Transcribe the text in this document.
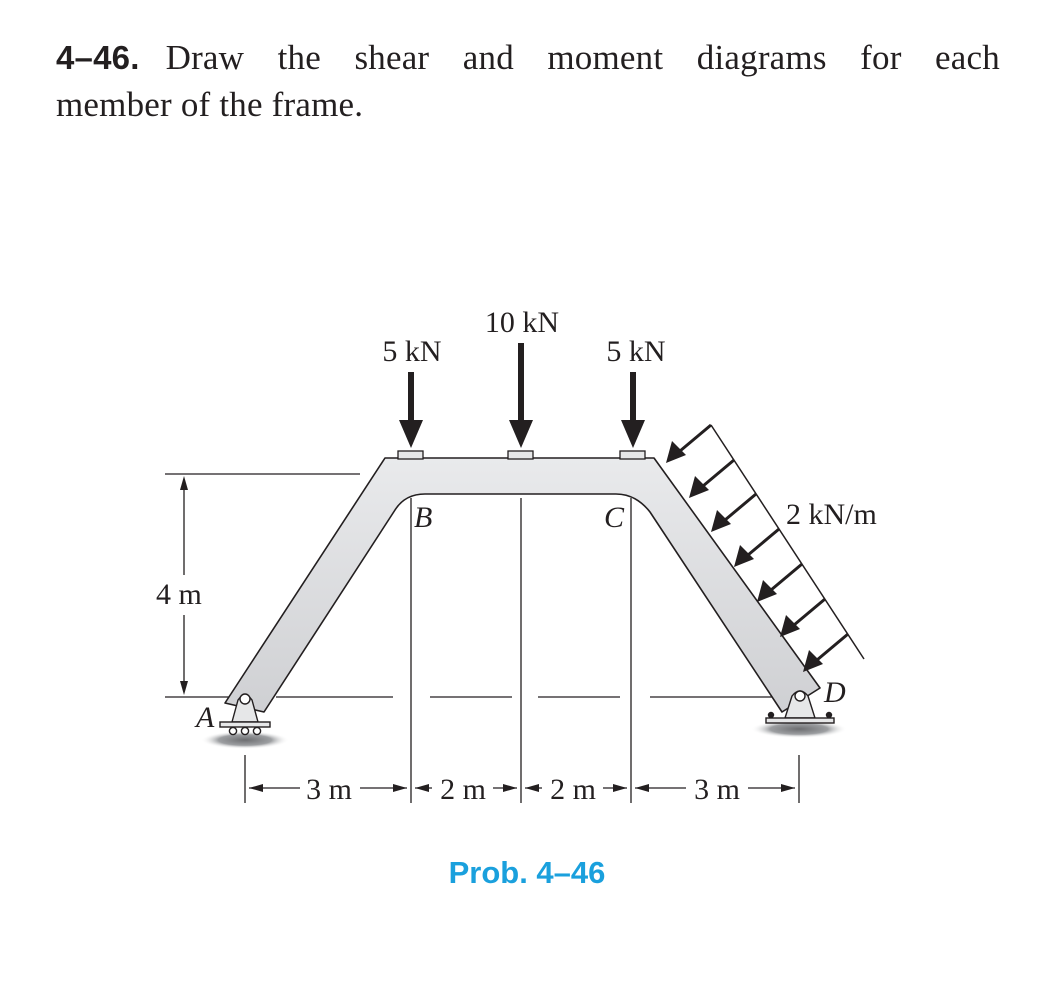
4–46. Draw the shear and moment diagrams for each
member of the frame.
4 m
3 m	2 m 2 m	3 m
5 kN
10 kN
5 kN
2 kN/m
A
B	C
D
Prob. 4–46
